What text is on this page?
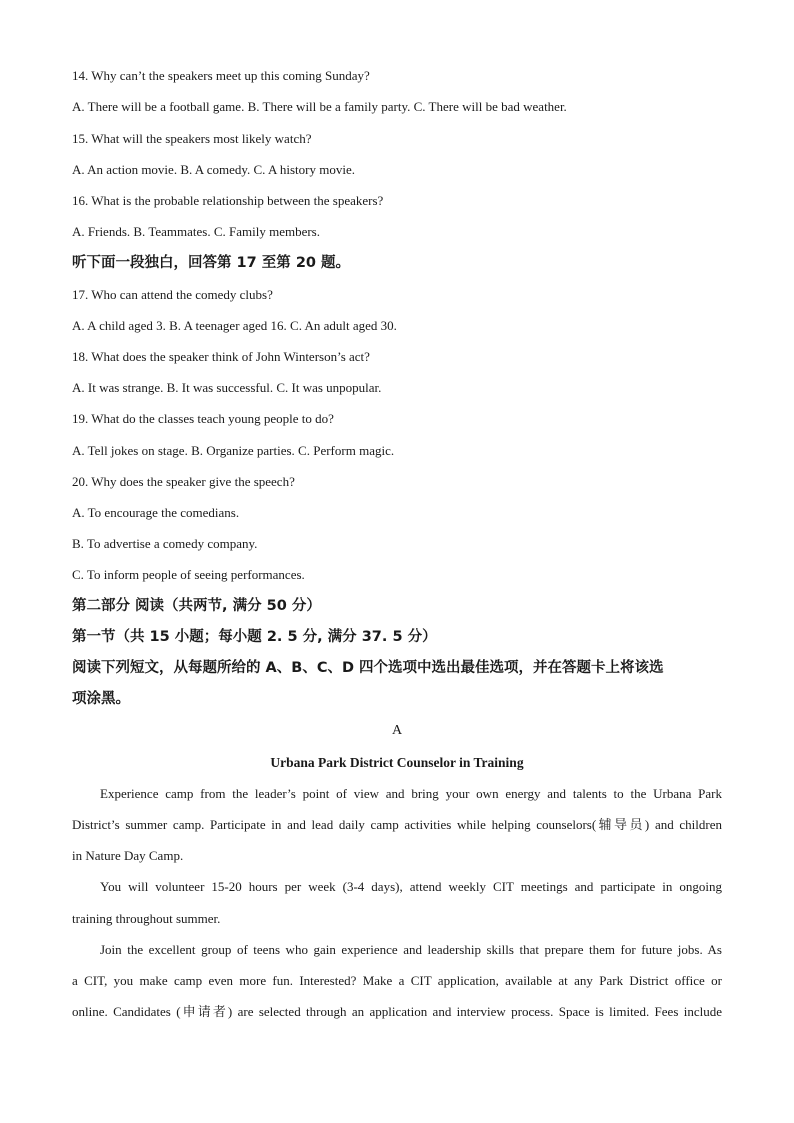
14. Why can’t the speakers meet up this coming Sunday?
A. There will be a football game. B. There will be a family party. C. There will be bad weather.
15. What will the speakers most likely watch?
A. An action movie. B. A comedy. C. A history movie.
16. What is the probable relationship between the speakers?
A. Friends. B. Teammates. C. Family members.
听下面一段独白，回答第 17 至第 20 题。
17. Who can attend the comedy clubs?
A. A child aged 3. B. A teenager aged 16. C. An adult aged 30.
18. What does the speaker think of John Winterson’s act?
A. It was strange. B. It was successful. C. It was unpopular.
19. What do the classes teach young people to do?
A. Tell jokes on stage. B. Organize parties. C. Perform magic.
20. Why does the speaker give the speech?
A. To encourage the comedians.
B. To advertise a comedy company.
C. To inform people of seeing performances.
第二部分 阅读（共两节, 满分 50 分）
第一节（共 15 小题；每小题 2. 5 分, 满分 37. 5 分）
阅读下列短文，从每题所给的 A、B、C、D 四个选项中选出最佳选项，并在答题卡上将该选
项涂黑。
A
Urbana Park District Counselor in Training
Experience camp from the leader’s point of view and bring your own energy and talents to the Urbana Park
District’s summer camp. Participate in and lead daily camp activities while helping counselors(辅导员) and children
in Nature Day Camp.
You will volunteer 15-20 hours per week (3-4 days), attend weekly CIT meetings and participate in ongoing
training throughout summer.
Join the excellent group of teens who gain experience and leadership skills that prepare them for future jobs. As
a CIT, you make camp even more fun. Interested? Make a CIT application, available at any Park District office or
online. Candidates (申请者) are selected through an application and interview process. Space is limited. Fees include
